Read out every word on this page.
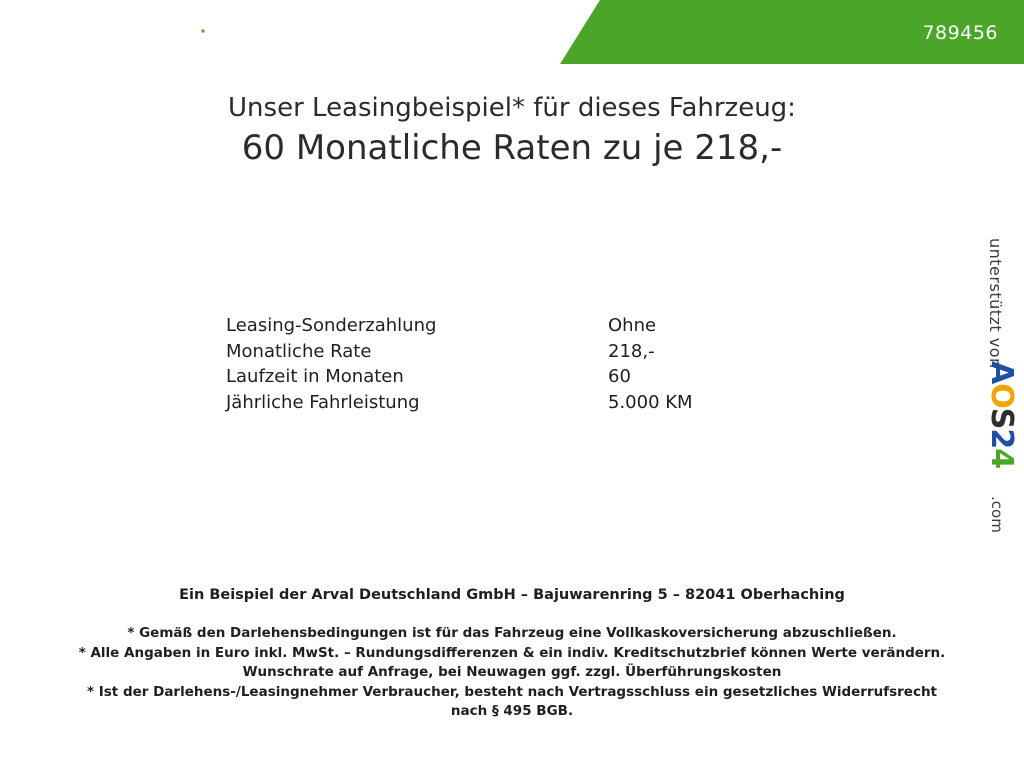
FESER GRAF	789456
Unser Leasingbeispiel* für dieses Fahrzeug:
60 Monatliche Raten zu je 218,-
Leasing-Sonderzahlung	Ohne
Monatliche Rate	218,-
Laufzeit in Monaten	60
Jährliche Fahrleistung	5.000 KM
unterstützt von
AOS24
.com
Ein Beispiel der Arval Deutschland GmbH – Bajuwarenring 5 – 82041 Oberhaching
* Gemäß den Darlehensbedingungen ist für das Fahrzeug eine Vollkaskoversicherung abzuschließen.
* Alle Angaben in Euro inkl. MwSt. – Rundungsdifferenzen & ein indiv. Kreditschutzbrief können Werte verändern.
Wunschrate auf Anfrage, bei Neuwagen ggf. zzgl. Überführungskosten
* Ist der Darlehens-/Leasingnehmer Verbraucher, besteht nach Vertragsschluss ein gesetzliches Widerrufsrecht
nach § 495 BGB.
